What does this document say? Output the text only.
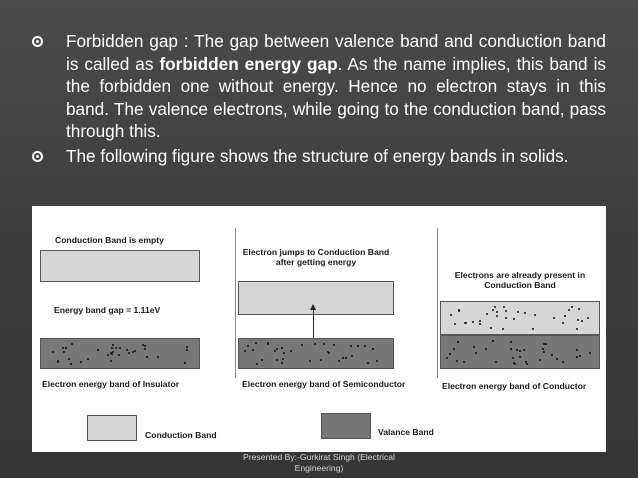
Forbidden gap : The gap between valence band and conduction band is called as forbidden energy gap. As the name implies, this band is the forbidden one without energy. Hence no electron stays in this band. The valence electrons, while going to the conduction band, pass through this.
The following figure shows the structure of energy bands in solids.
Conduction Band is empty
Energy band gap = 1.11eV
Electron energy band of Insulator
Electron jumps to Conduction Band after getting energy
Electron energy band of Semiconductor
Electrons are already present in Conduction Band
Electron energy band of Conductor
Conduction Band	Valance Band
Presented By:-Gurkirat Singh (Electrical
Engineering)
